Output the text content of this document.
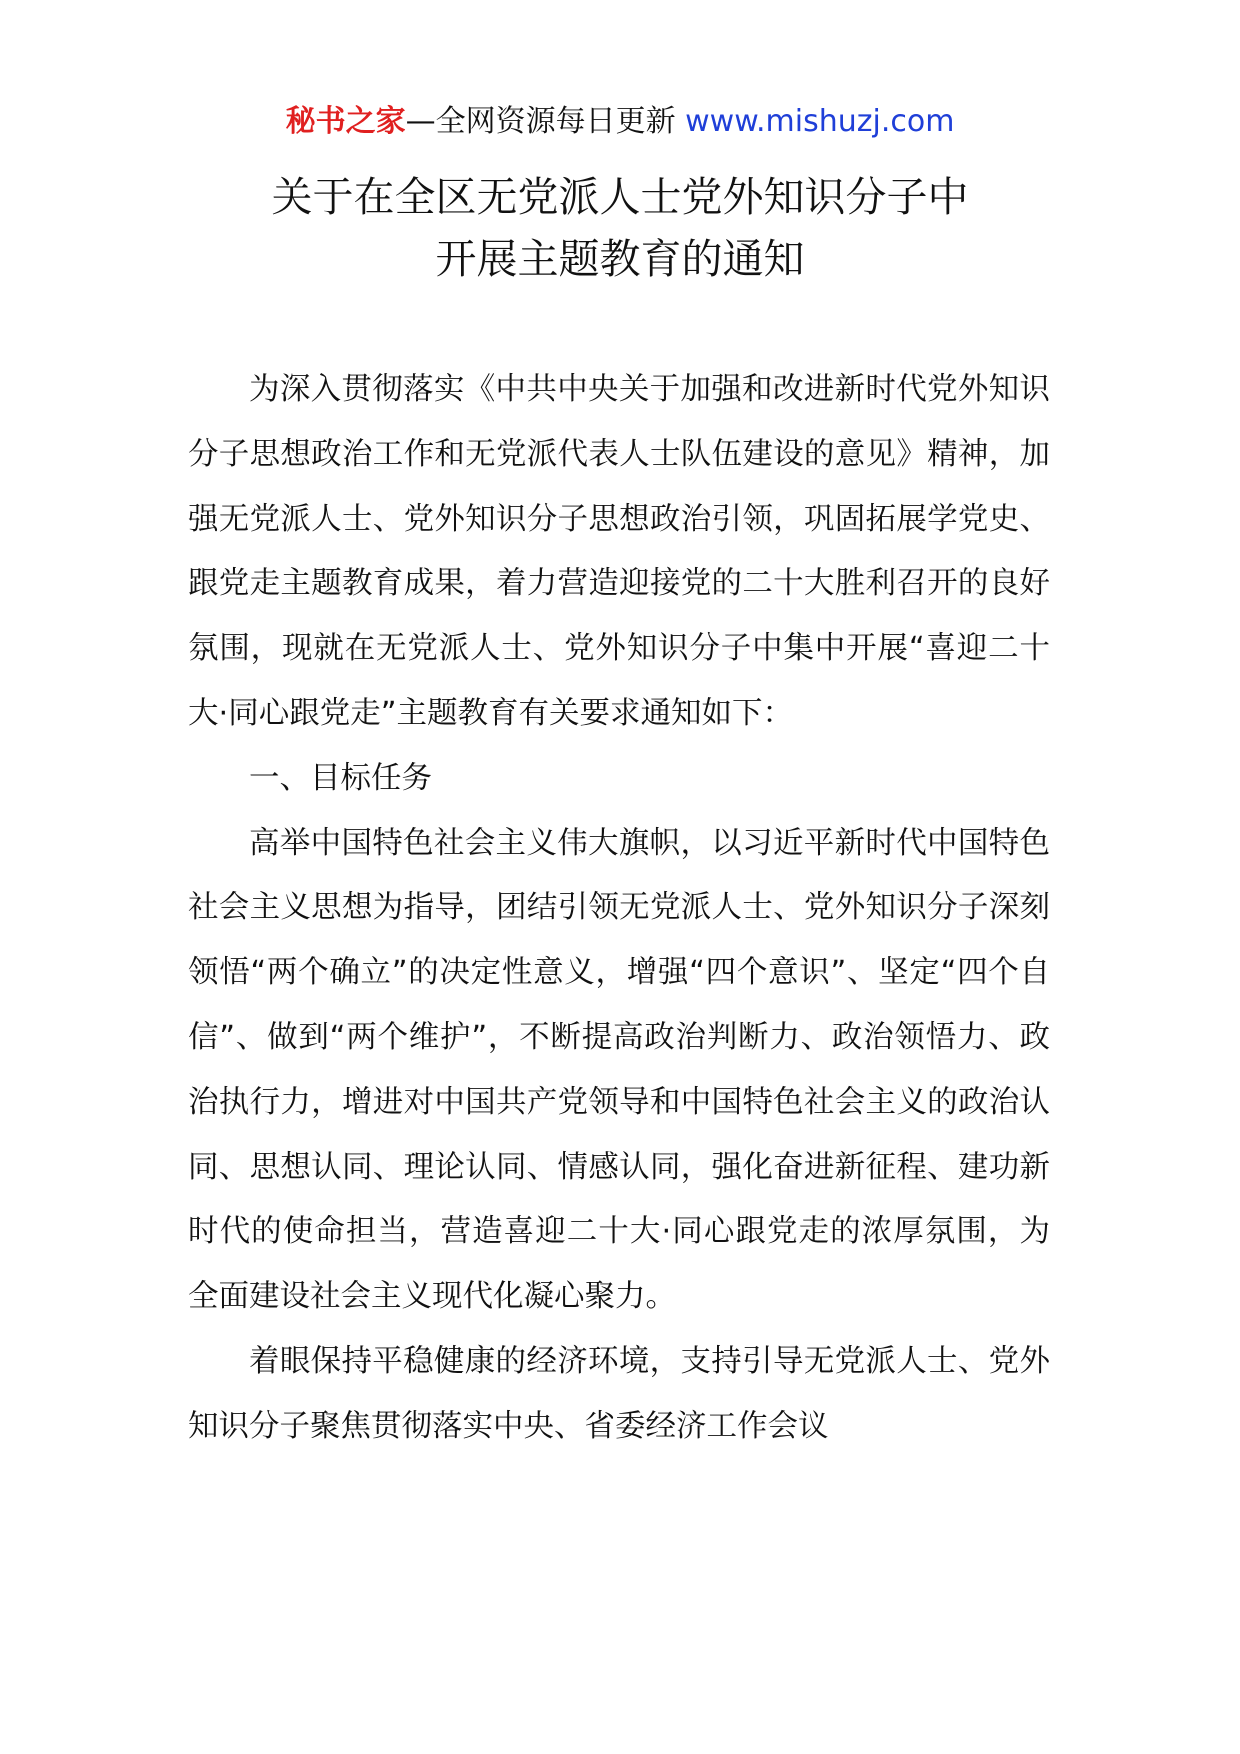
秘书之家—全网资源每日更新 www.mishuzj.com
关于在全区无党派人士党外知识分子中
开展主题教育的通知

为深入贯彻落实《中共中央关于加强和改进新时代党外知识分子思想政治工作和无党派代表人士队伍建设的意见》精神，加强无党派人士、党外知识分子思想政治引领，巩固拓展学党史、跟党走主题教育成果，着力营造迎接党的二十大胜利召开的良好氛围，现就在无党派人士、党外知识分子中集中开展“喜迎二十大·同心跟党走”主题教育有关要求通知如下：

一、目标任务

高举中国特色社会主义伟大旗帜，以习近平新时代中国特色社会主义思想为指导，团结引领无党派人士、党外知识分子深刻领悟“两个确立”的决定性意义，增强“四个意识”、坚定“四个自信”、做到“两个维护”，不断提高政治判断力、政治领悟力、政治执行力，增进对中国共产党领导和中国特色社会主义的政治认同、思想认同、理论认同、情感认同，强化奋进新征程、建功新时代的使命担当，营造喜迎二十大·同心跟党走的浓厚氛围，为全面建设社会主义现代化凝心聚力。

着眼保持平稳健康的经济环境，支持引导无党派人士、党外知识分子聚焦贯彻落实中央、省委经济工作会议
